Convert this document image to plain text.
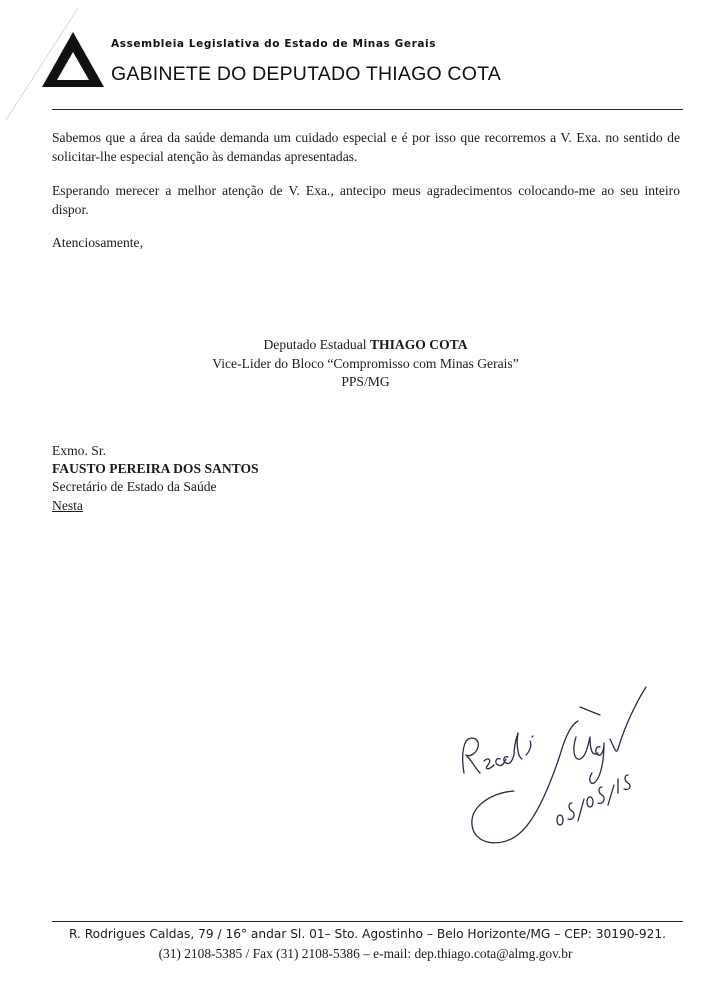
Assembleia Legislativa do Estado de Minas Gerais
GABINETE DO DEPUTADO THIAGO COTA
Sabemos que a área da saúde demanda um cuidado especial e é por isso que recorremos a V. Exa. no sentido de solicitar-lhe especial atenção às demandas apresentadas.
Esperando merecer a melhor atenção de V. Exa., antecipo meus agradecimentos colocando-me ao seu inteiro dispor.
Atenciosamente,
Deputado Estadual THIAGO COTA
Vice-Lider do Bloco “Compromisso com Minas Gerais”
PPS/MG
Exmo. Sr.
FAUSTO PEREIRA DOS SANTOS
Secretário de Estado da Saúde
Nesta
R. Rodrigues Caldas, 79 / 16° andar Sl. 01– Sto. Agostinho – Belo Horizonte/MG – CEP: 30190-921.
(31) 2108-5385 / Fax (31) 2108-5386 – e-mail: dep.thiago.cota@almg.gov.br
